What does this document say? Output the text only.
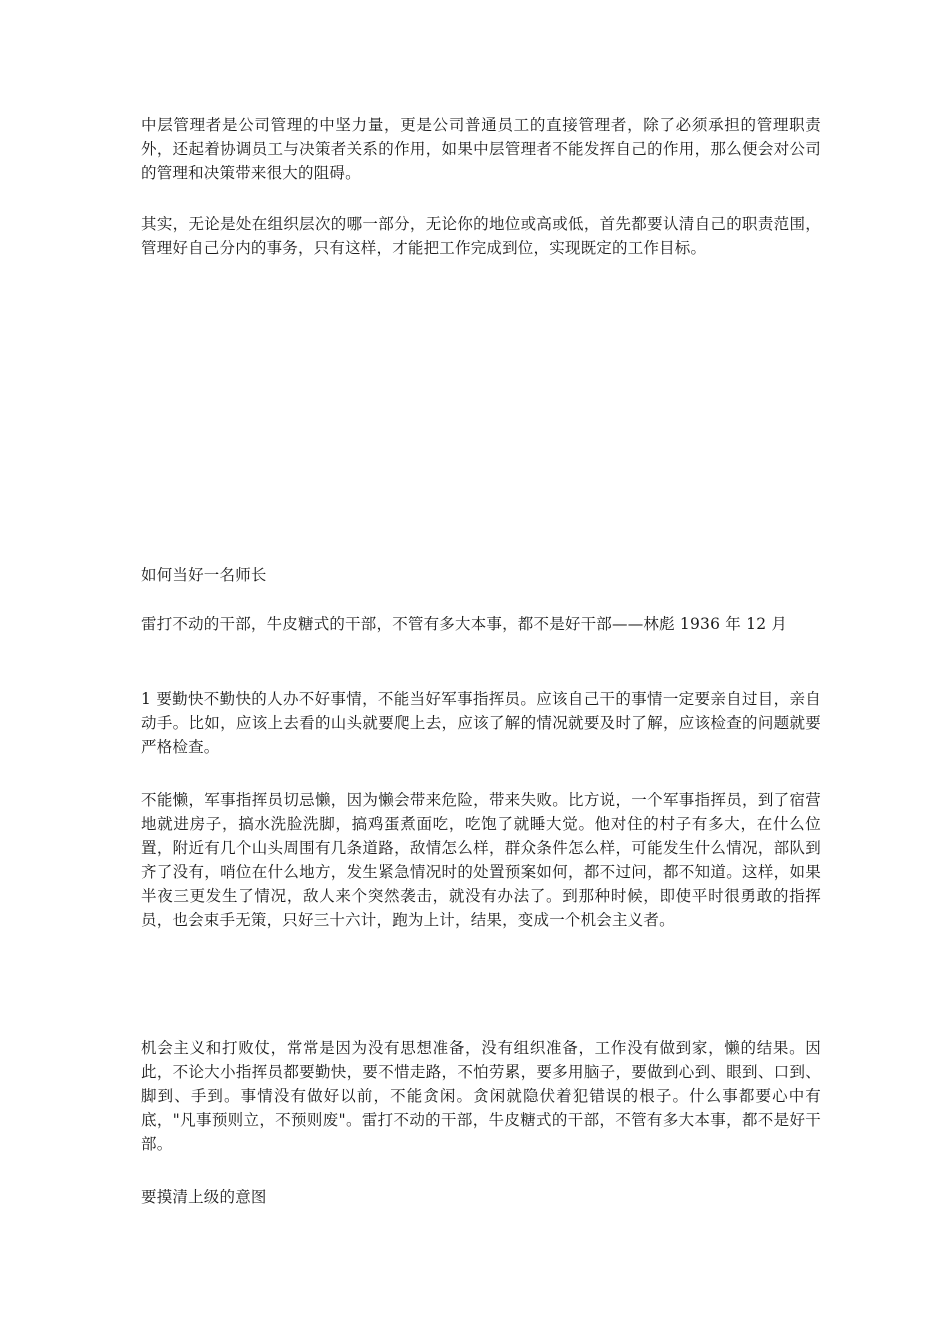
中层管理者是公司管理的中坚力量，更是公司普通员工的直接管理者，除了必须承担的管理职责外，还起着协调员工与决策者关系的作用，如果中层管理者不能发挥自己的作用，那么便会对公司的管理和决策带来很大的阻碍。

其实，无论是处在组织层次的哪一部分，无论你的地位或高或低，首先都要认清自己的职责范围，管理好自己分内的事务，只有这样，才能把工作完成到位，实现既定的工作目标。

如何当好一名师长

雷打不动的干部，牛皮糖式的干部，不管有多大本事，都不是好干部——林彪 1936 年 12 月

1 要勤快不勤快的人办不好事情，不能当好军事指挥员。应该自己干的事情一定要亲自过目，亲自动手。比如，应该上去看的山头就要爬上去，应该了解的情况就要及时了解，应该检查的问题就要严格检查。

不能懒，军事指挥员切忌懒，因为懒会带来危险，带来失败。比方说，一个军事指挥员，到了宿营地就进房子，搞水洗脸洗脚，搞鸡蛋煮面吃，吃饱了就睡大觉。他对住的村子有多大，在什么位置，附近有几个山头周围有几条道路，敌情怎么样，群众条件怎么样，可能发生什么情况，部队到齐了没有，哨位在什么地方，发生紧急情况时的处置预案如何，都不过问，都不知道。这样，如果半夜三更发生了情况，敌人来个突然袭击，就没有办法了。到那种时候，即使平时很勇敢的指挥员，也会束手无策，只好三十六计，跑为上计，结果，变成一个机会主义者。

机会主义和打败仗，常常是因为没有思想准备，没有组织准备，工作没有做到家，懒的结果。因此，不论大小指挥员都要勤快，要不惜走路，不怕劳累，要多用脑子，要做到心到、眼到、口到、脚到、手到。事情没有做好以前，不能贪闲。贪闲就隐伏着犯错误的根子。什么事都要心中有底，"凡事预则立，不预则废"。雷打不动的干部，牛皮糖式的干部，不管有多大本事，都不是好干部。

要摸清上级的意图
